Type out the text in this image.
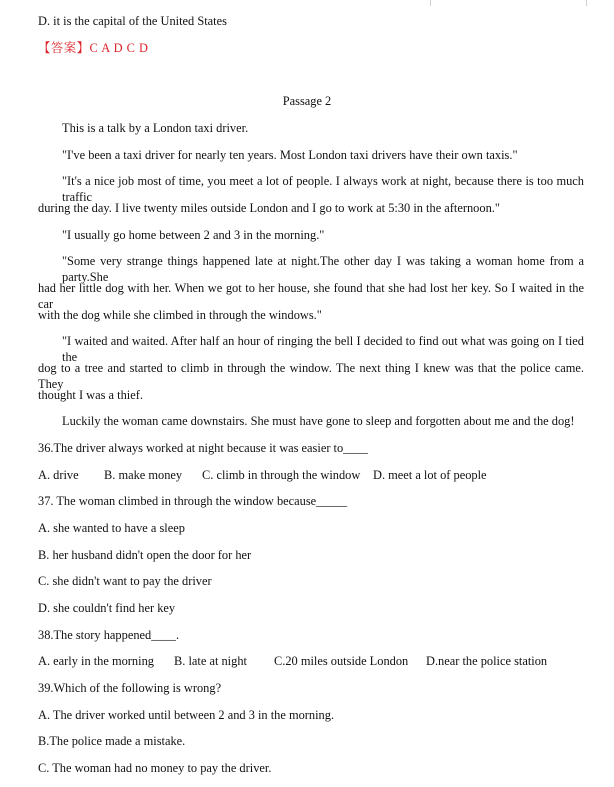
D. it is the capital of the United States
【答案】C A D C D
Passage 2
This is a talk by a London taxi driver.
"I've been a taxi driver for nearly ten years. Most London taxi drivers have their own taxis."
"It's a nice job most of time, you meet a lot of people. I always work at night, because there is too much traffic
during the day. I live twenty miles outside London and I go to work at 5:30 in the afternoon."
"I usually go home between 2 and 3 in the morning."
"Some very strange things happened late at night.The other day I was taking a woman home from a party.She
had her little dog with her. When we got to her house, she found that she had lost her key. So I waited in the car
with the dog while she climbed in through the windows."
"I waited and waited. After half an hour of ringing the bell I decided to find out what was going on I tied the
dog to a tree and started to climb in through the window. The next thing I knew was that the police came. They
thought I was a thief.
Luckily the woman came downstairs. She must have gone to sleep and forgotten about me and the dog!
36.The driver always worked at night because it was easier to____
A. drive B. make money C. climb in through the window D. meet a lot of people
37. The woman climbed in through the window because_____
A. she wanted to have a sleep
B. her husband didn't open the door for her
C. she didn't want to pay the driver
D. she couldn't find her key
38.The story happened____.
A. early in the morning B. late at night C.20 miles outside London D.near the police station
39.Which of the following is wrong?
A. The driver worked until between 2 and 3 in the morning.
B.The police made a mistake.
C. The woman had no money to pay the driver.
